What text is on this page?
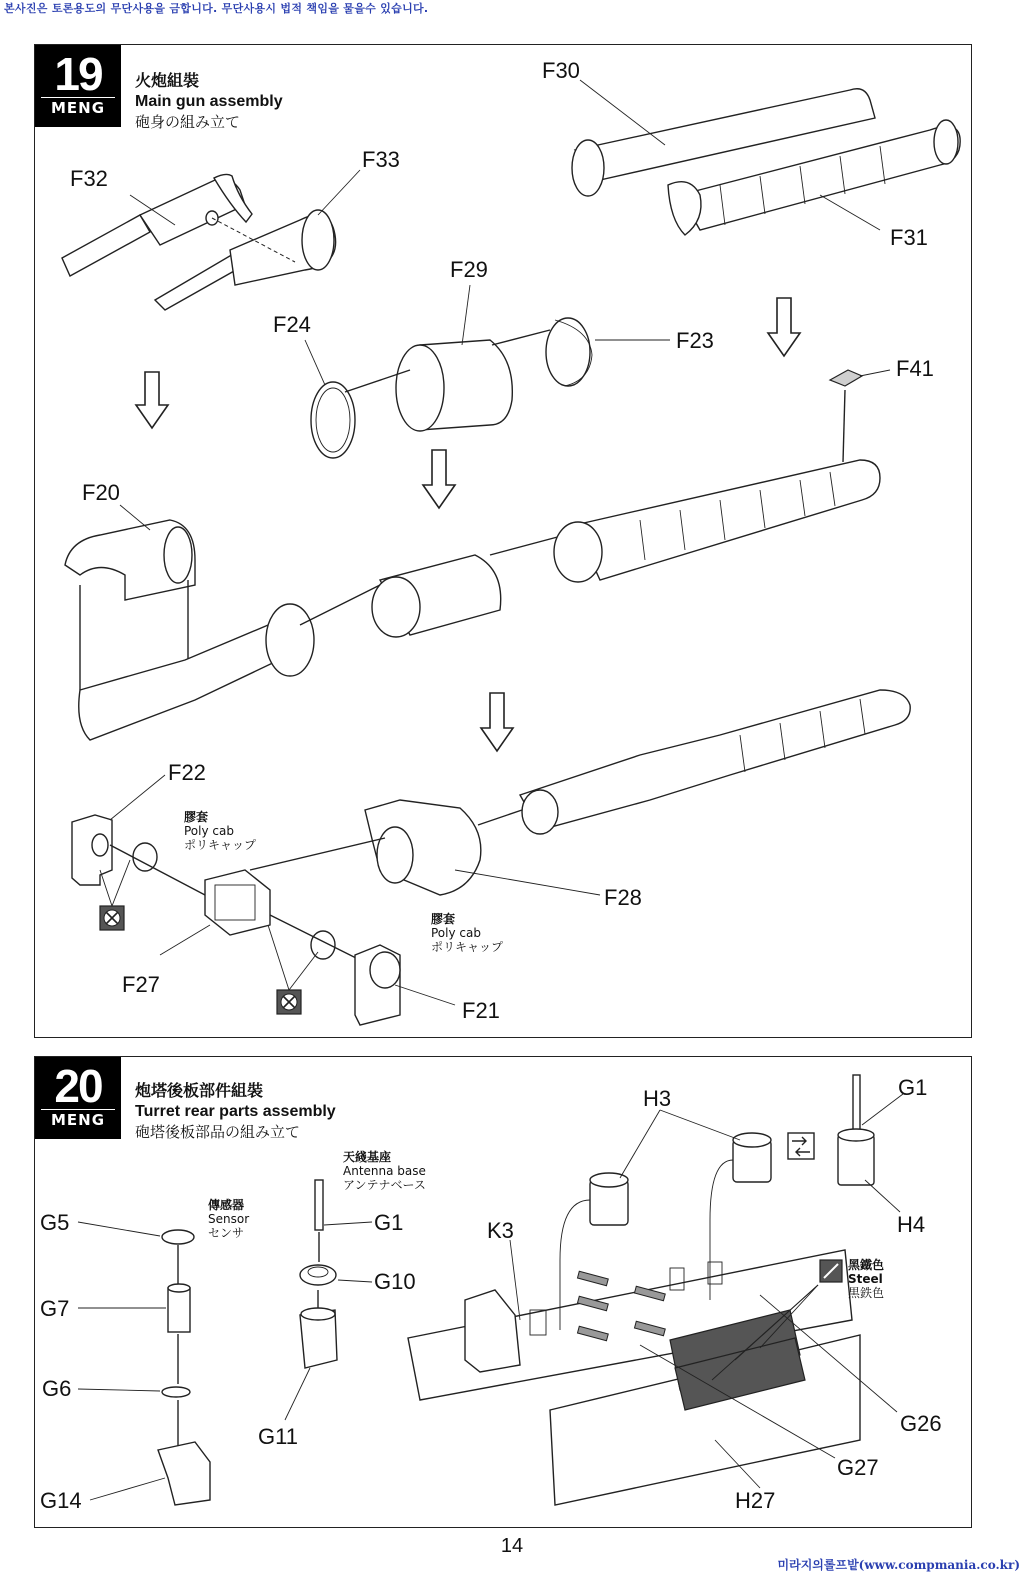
본사진은 토론용도의 무단사용을 금합니다. 무단사용시 법적 책임을 물을수 있습니다.
19
MENG
火炮組裝
Main gun assembly
砲身の組み立て
20
MENG
炮塔後板部件組裝
Turret rear parts assembly
砲塔後板部品の組み立て
F30
F32
F33
F31
F29
F24
F23
F41
F20
F22
F28
F27
F21
膠套
Poly cab
ポリキャップ
膠套
Poly cab
ポリキャップ
H3	G1
H4
K3
G5	G1
G10
G7
G6
G11
G14
G26
G27
H27
天綫基座
Antenna base
アンテナベース
傳感器
Sensor
センサ
黑鐵色
Steel
黒鉄色
14
미라지의롤프밭(www.compmania.co.kr)
